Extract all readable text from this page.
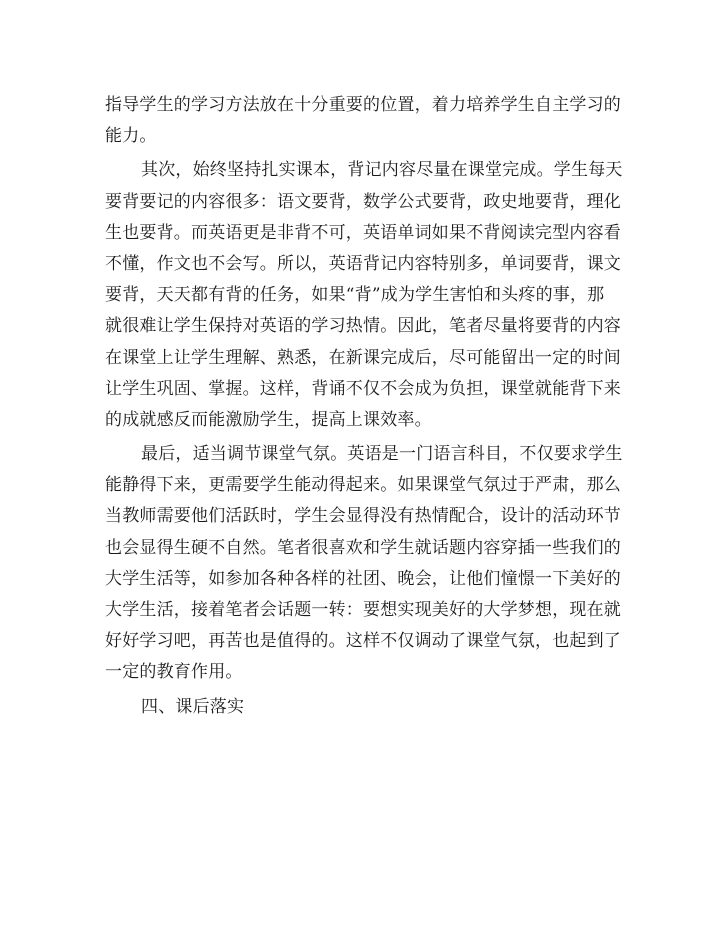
指导学生的学习方法放在十分重要的位置，着力培养学生自主学习的
能力。
其次，始终坚持扎实课本，背记内容尽量在课堂完成。学生每天
要背要记的内容很多：语文要背，数学公式要背，政史地要背，理化
生也要背。而英语更是非背不可，英语单词如果不背阅读完型内容看
不懂，作文也不会写。所以，英语背记内容特别多，单词要背，课文
要背，天天都有背的任务，如果“背”成为学生害怕和头疼的事，那
就很难让学生保持对英语的学习热情。因此，笔者尽量将要背的内容
在课堂上让学生理解、熟悉，在新课完成后，尽可能留出一定的时间
让学生巩固、掌握。这样，背诵不仅不会成为负担，课堂就能背下来
的成就感反而能激励学生，提高上课效率。
最后，适当调节课堂气氛。英语是一门语言科目，不仅要求学生
能静得下来，更需要学生能动得起来。如果课堂气氛过于严肃，那么
当教师需要他们活跃时，学生会显得没有热情配合，设计的活动环节
也会显得生硬不自然。笔者很喜欢和学生就话题内容穿插一些我们的
大学生活等，如参加各种各样的社团、晚会，让他们憧憬一下美好的
大学生活，接着笔者会话题一转：要想实现美好的大学梦想，现在就
好好学习吧，再苦也是值得的。这样不仅调动了课堂气氛，也起到了
一定的教育作用。
四、课后落实
